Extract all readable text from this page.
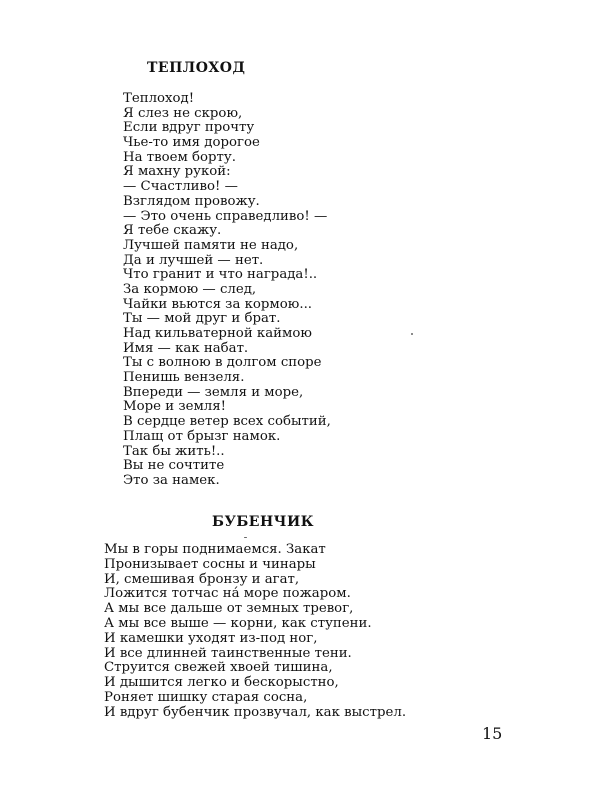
ТЕПЛОХОД
Теплоход!
Я слез не скрою,
Если вдруг прочту
Чье-то имя дорогое
На твоем борту.
Я махну рукой:
— Счастливо! —
Взглядом провожу.
— Это очень справедливо! —
Я тебе скажу.
Лучшей памяти не надо,
Да и лучшей — нет.
Что гранит и что награда!..
За кормою — след,
Чайки вьются за кормою...
Ты — мой друг и брат.
Над кильватерной каймою
Имя — как набат.
Ты с волною в долгом споре
Пенишь вензеля.
Впереди — земля и море,
Море и земля!
В сердце ветер всех событий,
Плащ от брызг намок.
Так бы жить!..
Вы не сочтите
Это за намек.
БУБЕНЧИК
Мы в горы поднимаемся. Закат
Пронизывает сосны и чинары
И, смешивая бронзу и агат,
Ложится тотчас на́ море пожаром.
А мы все дальше от земных тревог,
А мы все выше — корни, как ступени.
И камешки уходят из-под ног,
И все длинней таинственные тени.
Струится свежей хвоей тишина,
И дышится легко и бескорыстно,
Роняет шишку старая сосна,
И вдруг бубенчик прозвучал, как выстрел.

15
